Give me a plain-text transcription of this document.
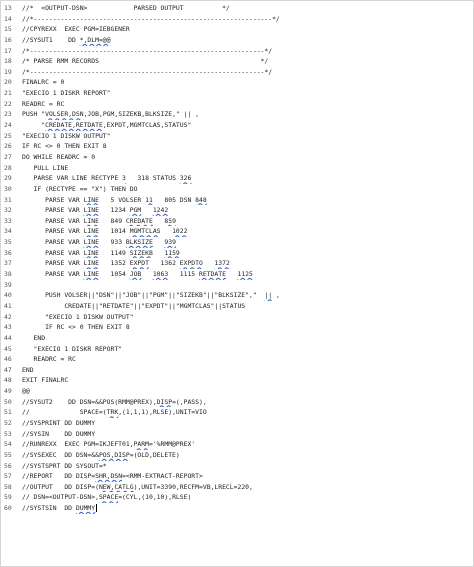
13	//*  <OUTPUT-DSN>            PARSED OUTPUT          */
14	//*--------------------------------------------------------------*/
15	//CPYREXX  EXEC PGM=IEBGENER
16	//SYSUT1    DD *,DLM=@@
17	/*-------------------------------------------------------------*/
18	/* PARSE RMM RECORDS                                          */
19	/*-------------------------------------------------------------*/
20	FINALRC = 0
21	"EXECIO 1 DISKR REPORT"
22	READRC = RC
23	PUSH "VOLSER,DSN,JOB,PGM,SIZEKB,BLKSIZE," || ,
24	"CREDATE,RETDATE,EXPDT,MGMTCLAS,STATUS"
25	"EXECIO 1 DISKW OUTPUT"
26	IF RC <> 0 THEN EXIT 8
27	DO WHILE READRC = 0
28	PULL LINE
29	PARSE VAR LINE RECTYPE 3   318 STATUS 326
30	IF (RECTYPE == "X") THEN DO
31	PARSE VAR LINE   5 VOLSER 11   805 DSN 848
32	PARSE VAR LINE   1234 PGM 1242
33	PARSE VAR LINE   849 CREDATE 859
34	PARSE VAR LINE   1014 MGMTCLAS 1022
35	PARSE VAR LINE   933 BLKSIZE 939
36	PARSE VAR LINE   1149 SIZEKB 1159
37	PARSE VAR LINE   1352 EXPDT   1362 EXPDTO 1372
38	PARSE VAR LINE   1054 JOB 1063   1115 RETDATE 1125
39
40	PUSH VOLSER||"DSN"||"JOB"||"PGM"||"SIZEKB"||"BLKSIZE","  || ,
41	CREDATE||"RETDATE"||"EXPDT"||"MGMTCLAS"||STATUS
42	"EXECIO 1 DISKW OUTPUT"
43	IF RC <> 0 THEN EXIT 8
44	END
45	"EXECIO 1 DISKR REPORT"
46	READRC = RC
47	END
48	EXIT FINALRC
49	@@
50	//SYSUT2    DD DSN=&&POS(RMM@PREX),DISP=(,PASS),
51	//             SPACE=(TRK,(1,1,1),RLSE),UNIT=VIO
52	//SYSPRINT DD DUMMY
53	//SYSIN    DD DUMMY
54	//RUNREXX  EXEC PGM=IKJEFT01,PARM='%RMM@PREX'
55	//SYSEXEC  DD DSN=&&POS,DISP=(OLD,DELETE)
56	//SYSTSPRT DD SYSOUT=*
57	//REPORT   DD DISP=SHR,DSN=<RMM-EXTRACT-REPORT>
58	//OUTPUT   DD DISP=(NEW,CATLG),UNIT=3390,RECFM=VB,LRECL=220,
59	// DSN=<OUTPUT-DSN>,SPACE=(CYL,(10,10),RLSE)
60	//SYSTSIN  DD DUMMY
